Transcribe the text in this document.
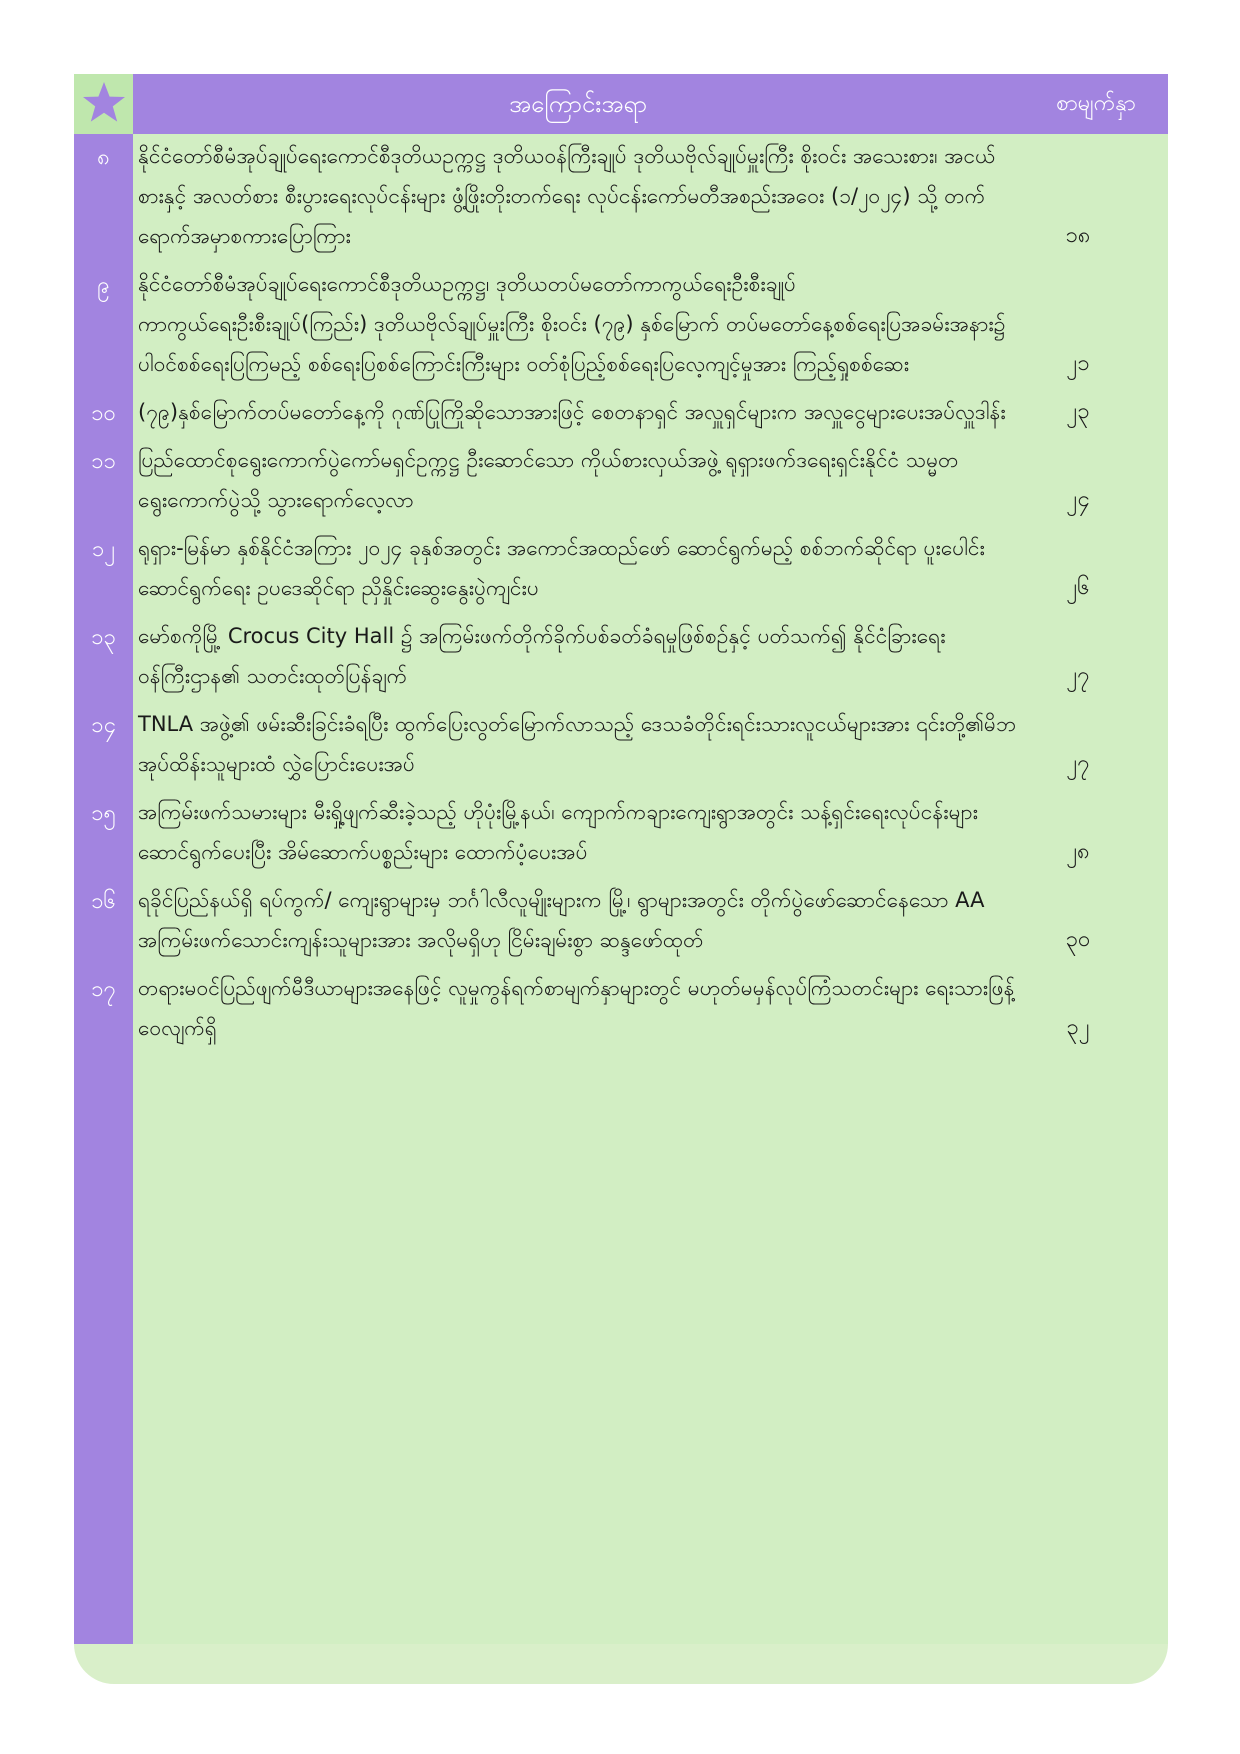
အကြောင်းအရာ	စာမျက်နှာ
၈	နိုင်ငံတော်စီမံအုပ်ချုပ်ရေးကောင်စီဒုတိယဥက္ကဋ္ဌ ဒုတိယဝန်ကြီးချုပ် ဒုတိယဗိုလ်ချုပ်မှူးကြီး စိုးဝင်း အသေးစား၊ အငယ်စားနှင့် အလတ်စား စီးပွားရေးလုပ်ငန်းများ ဖွံ့ဖြိုးတိုးတက်ရေး လုပ်ငန်းကော်မတီအစည်းအဝေး (၁/၂၀၂၄) သို့ တက်ရောက်အမှာစကားပြောကြား	၁၈
၉	နိုင်ငံတော်စီမံအုပ်ချုပ်ရေးကောင်စီဒုတိယဥက္ကဋ္ဌ၊ ဒုတိယတပ်မတော်ကာကွယ်ရေးဦးစီးချုပ် ကာကွယ်ရေးဦးစီးချုပ်(ကြည်း) ဒုတိယဗိုလ်ချုပ်မှူးကြီး စိုးဝင်း (၇၉) နှစ်မြောက် တပ်မတော်နေ့စစ်ရေးပြအခမ်းအနား၌ ပါဝင်စစ်ရေးပြကြမည့် စစ်ရေးပြစစ်ကြောင်းကြီးများ ဝတ်စုံပြည့်စစ်ရေးပြလေ့ကျင့်မှုအား ကြည့်ရှုစစ်ဆေး	၂၁
၁၀	(၇၉)နှစ်မြောက်တပ်မတော်နေ့ကို ဂုဏ်ပြုကြိုဆိုသောအားဖြင့် စေတနာရှင် အလှူရှင်များက အလှူငွေများပေးအပ်လှူဒါန်း	၂၃
၁၁	ပြည်ထောင်စုရွေးကောက်ပွဲကော်မရှင်ဥက္ကဋ္ဌ ဦးဆောင်သော ကိုယ်စားလှယ်အဖွဲ့ ရုရှားဖက်ဒရေးရှင်းနိုင်ငံ သမ္မတရွေးကောက်ပွဲသို့ သွားရောက်လေ့လာ	၂၄
၁၂	ရုရှား-မြန်မာ နှစ်နိုင်ငံအကြား ၂၀၂၄ ခုနှစ်အတွင်း အကောင်အထည်ဖော် ဆောင်ရွက်မည့် စစ်ဘက်ဆိုင်ရာ ပူးပေါင်းဆောင်ရွက်ရေး ဥပဒေဆိုင်ရာ ညှိနှိုင်းဆွေးနွေးပွဲကျင်းပ	၂၆
၁၃	မော်စကိုမြို့ Crocus City Hall ၌ အကြမ်းဖက်တိုက်ခိုက်ပစ်ခတ်ခံရမှုဖြစ်စဉ်နှင့် ပတ်သက်၍ နိုင်ငံခြားရေးဝန်ကြီးဌာန၏ သတင်းထုတ်ပြန်ချက်	၂၇
၁၄	TNLA အဖွဲ့၏ ဖမ်းဆီးခြင်းခံရပြီး ထွက်ပြေးလွတ်မြောက်လာသည့် ဒေသခံတိုင်းရင်းသားလူငယ်များအား ၎င်းတို့၏မိဘအုပ်ထိန်းသူများထံ လွှဲပြောင်းပေးအပ်	၂၇
၁၅	အကြမ်းဖက်သမားများ မီးရှို့ဖျက်ဆီးခဲ့သည့် ဟိုပုံးမြို့နယ်၊ ကျောက်ကချားကျေးရွာအတွင်း သန့်ရှင်းရေးလုပ်ငန်းများ ဆောင်ရွက်ပေးပြီး အိမ်ဆောက်ပစ္စည်းများ ထောက်ပံ့ပေးအပ်	၂၈
၁၆	ရခိုင်ပြည်နယ်ရှိ ရပ်ကွက်/ ကျေးရွာများမှ ဘင်္ဂါလီလူမျိုးများက မြို့၊ ရွာများအတွင်း တိုက်ပွဲဖော်ဆောင်နေသော AA အကြမ်းဖက်သောင်းကျန်းသူများအား အလိုမရှိဟု ငြိမ်းချမ်းစွာ ဆန္ဒဖော်ထုတ်	၃၀
၁၇	တရားမဝင်ပြည်ဖျက်မီဒီယာများအနေဖြင့် လူမှုကွန်ရက်စာမျက်နှာများတွင် မဟုတ်မမှန်လုပ်ကြံသတင်းများ ရေးသားဖြန့်ဝေလျက်ရှိ	၃၂
